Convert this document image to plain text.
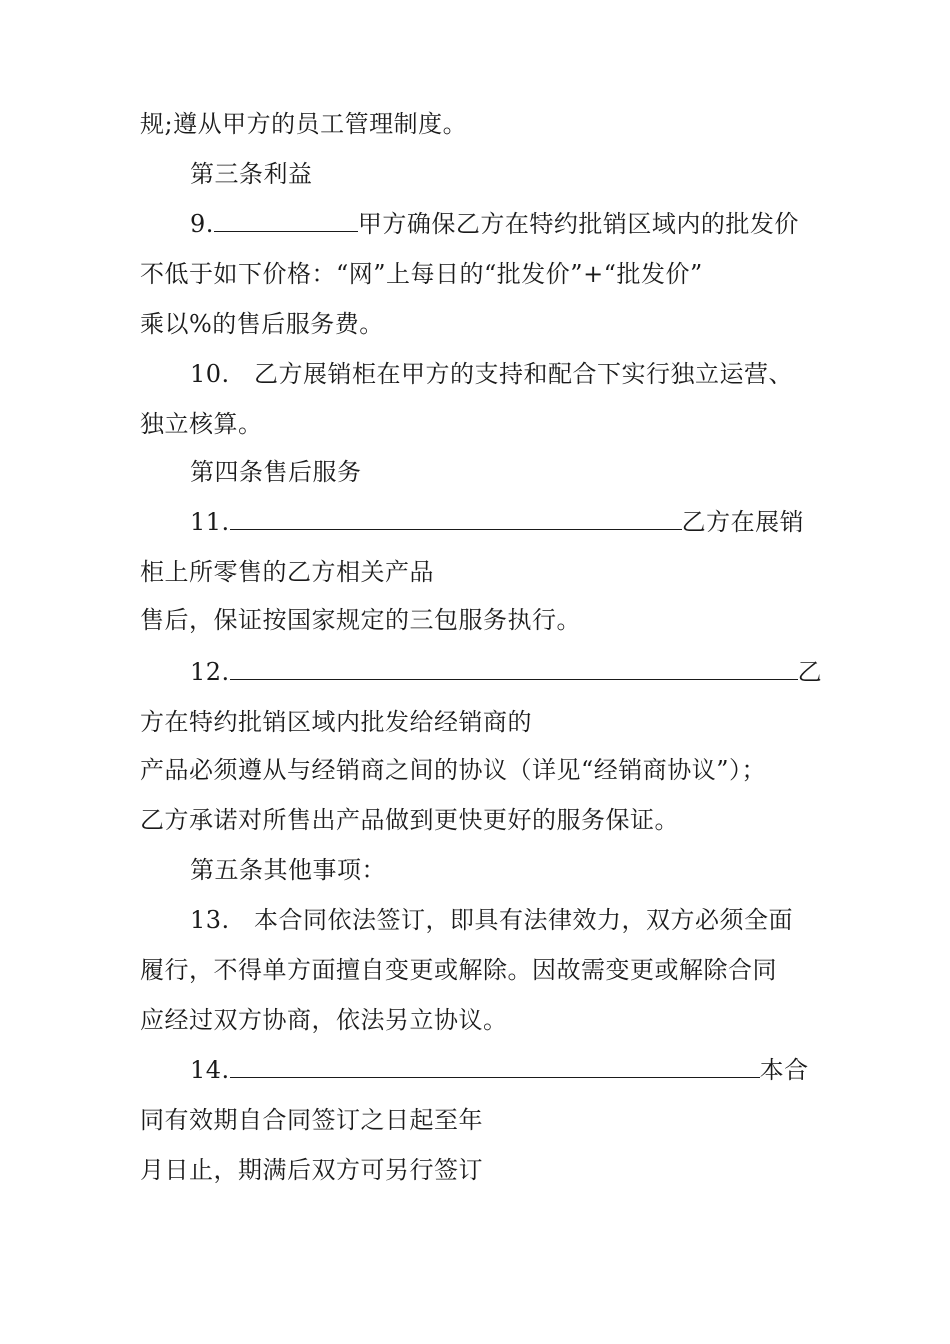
规;遵从甲方的员工管理制度。
第三条利益
9.	甲方确保乙方在特约批销区域内的批发价
不低于如下价格：“网”上每日的“批发价”+“批发价”
乘以%的售后服务费。
10.   乙方展销柜在甲方的支持和配合下实行独立运营、
独立核算。
第四条售后服务
11.	乙方在展销
柜上所零售的乙方相关产品
售后，保证按国家规定的三包服务执行。
12.	乙
方在特约批销区域内批发给经销商的
产品必须遵从与经销商之间的协议（详见“经销商协议”）；
乙方承诺对所售出产品做到更快更好的服务保证。
第五条其他事项：
13.   本合同依法签订，即具有法律效力，双方必须全面
履行，不得单方面擅自变更或解除。因故需变更或解除合同
应经过双方协商，依法另立协议。
14.	本合
同有效期自合同签订之日起至年
月日止，期满后双方可另行签订
